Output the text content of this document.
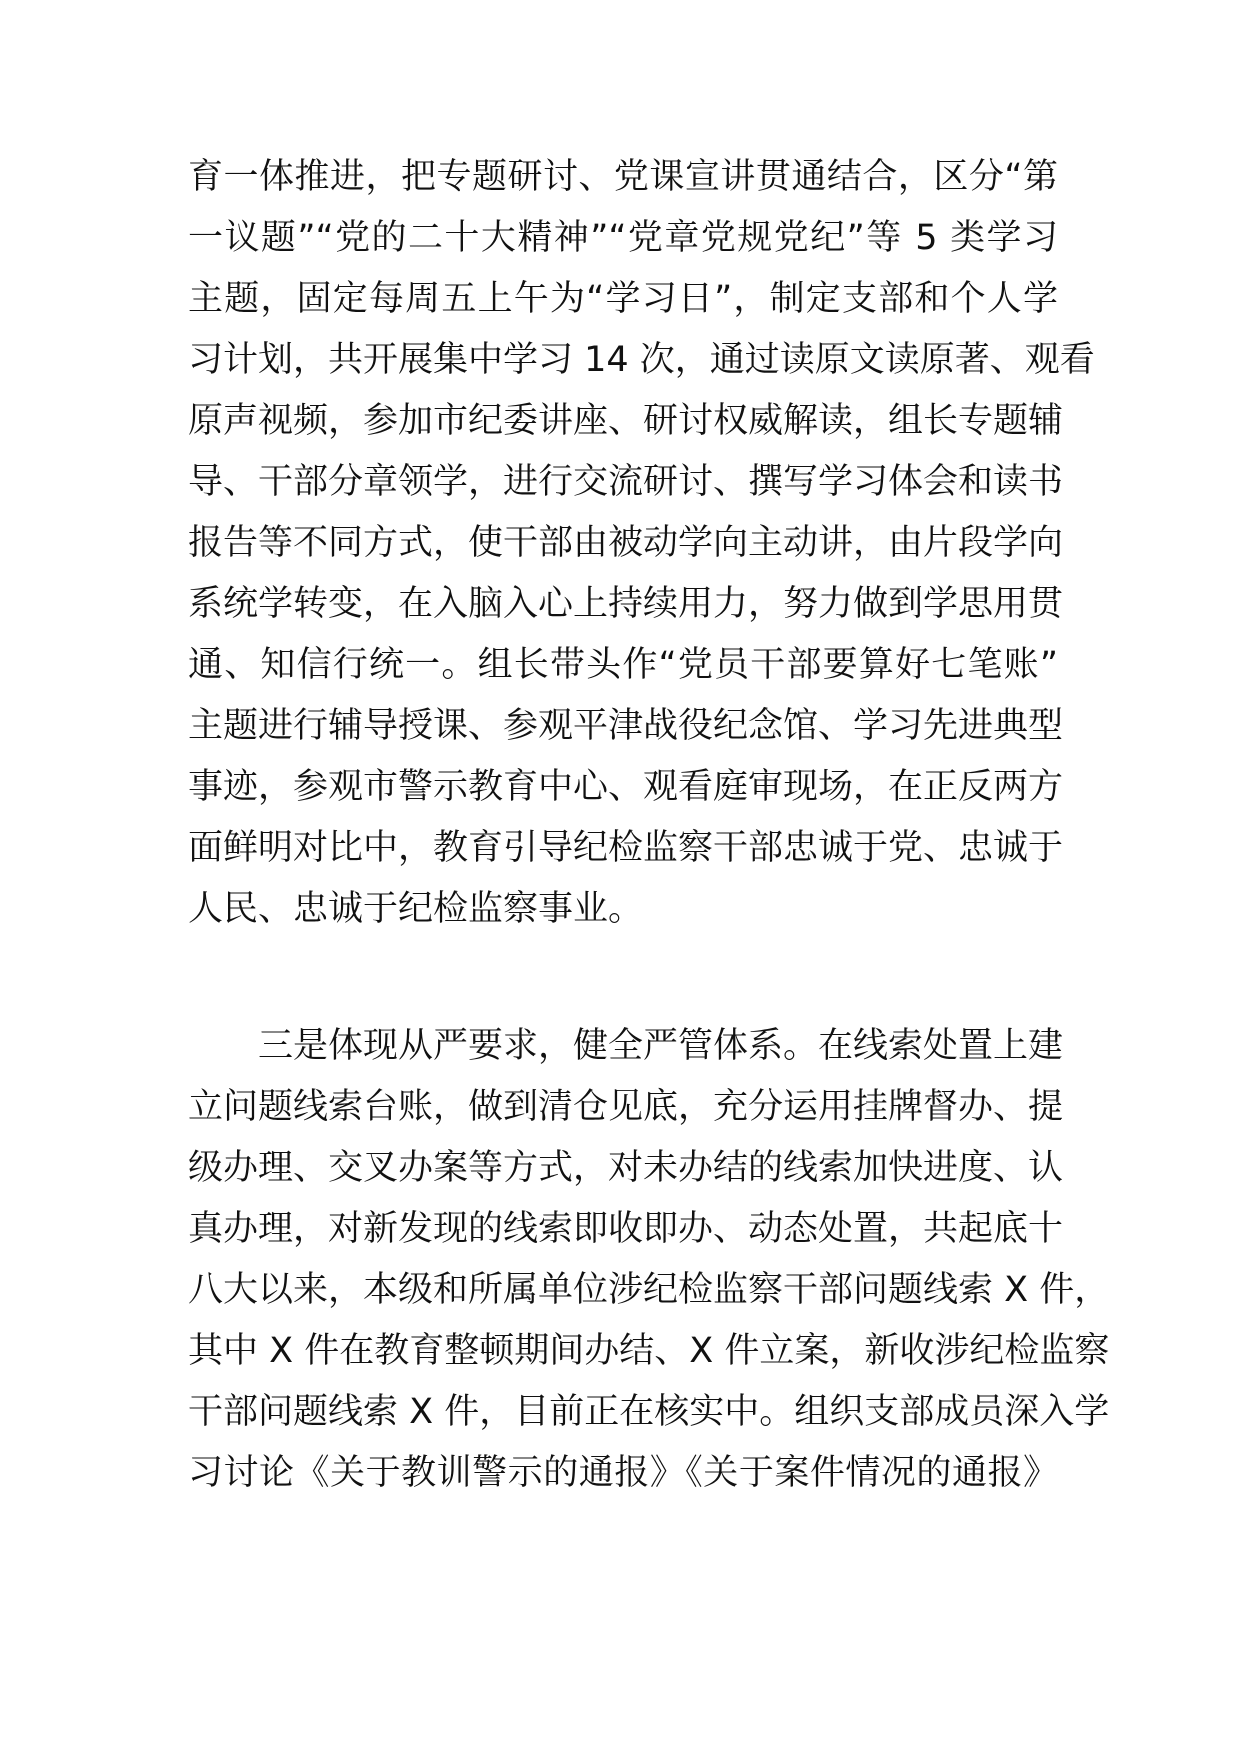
育一体推进，把专题研讨、党课宣讲贯通结合，区分“第
一议题”“党的二十大精神”“党章党规党纪”等 5 类学习
主题，固定每周五上午为“学习日”，制定支部和个人学
习计划，共开展集中学习 14 次，通过读原文读原著、观看
原声视频，参加市纪委讲座、研讨权威解读，组长专题辅
导、干部分章领学，进行交流研讨、撰写学习体会和读书
报告等不同方式，使干部由被动学向主动讲，由片段学向
系统学转变，在入脑入心上持续用力，努力做到学思用贯
通、知信行统一。组长带头作“党员干部要算好七笔账”
主题进行辅导授课、参观平津战役纪念馆、学习先进典型
事迹，参观市警示教育中心、观看庭审现场，在正反两方
面鲜明对比中，教育引导纪检监察干部忠诚于党、忠诚于
人民、忠诚于纪检监察事业。
三是体现从严要求，健全严管体系。在线索处置上建
立问题线索台账，做到清仓见底，充分运用挂牌督办、提
级办理、交叉办案等方式，对未办结的线索加快进度、认
真办理，对新发现的线索即收即办、动态处置，共起底十
八大以来，本级和所属单位涉纪检监察干部问题线索 X 件，
其中 X 件在教育整顿期间办结、X 件立案，新收涉纪检监察
干部问题线索 X 件，目前正在核实中。组织支部成员深入学
习讨论《关于教训警示的通报》《关于案件情况的通报》
